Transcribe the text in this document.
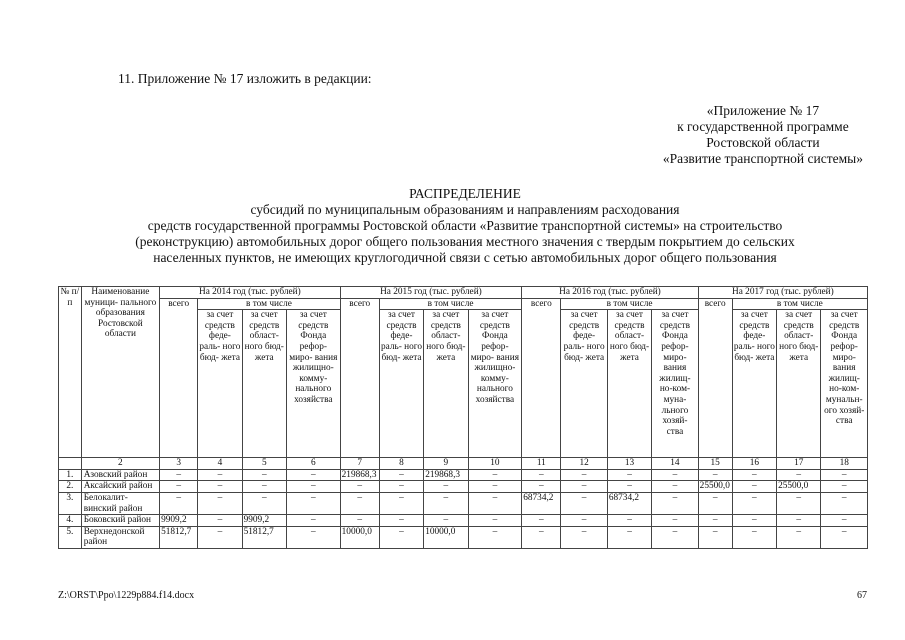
11. Приложение № 17 изложить в редакции:
«Приложение № 17
к государственной программе
Ростовской области
«Развитие транспортной системы»
РАСПРЕДЕЛЕНИЕ
субсидий по муниципальным образованиям и направлениям расходования
средств государственной программы Ростовской области «Развитие транспортной системы» на строительство
(реконструкцию) автомобильных дорог общего пользования местного значения с твердым покрытием до сельских
населенных пунктов, не имеющих круглогодичной связи с сетью автомобильных дорог общего пользования
№ п/п	Наименование муници- пального образования Ростовской области	На 2014 год (тыс. рублей)				На 2015 год (тыс. рублей)				На 2016 год (тыс. рублей)				На 2017 год (тыс. рублей)			
		всего	в том числе			всего	в том числе			всего	в том числе			всего	в том числе		
			за счет средств феде- раль- ного бюд- жета	за счет средств област- ного бюд- жета	за счет средств Фонда рефор- миро- вания жилищно- комму- нального хозяйства		за счет средств феде- раль- ного бюд- жета	за счет средств област- ного бюд- жета	за счет средств Фонда рефор- миро- вания жилищно- комму- нального хозяйства		за счет средств феде- раль- ного бюд- жета	за счет средств област- ного бюд- жета	за счет средств Фонда рефор- миро- вания жилищ- но-ком- муна- льного хозяй- ства		за счет средств феде- раль- ного бюд- жета	за счет средств област- ного бюд- жета	за счет средств Фонда рефор- миро- вания жилищ- но-ком- мунальн- ого хозяй- ства
	2	3	4	5	6	7	8	9	10	11	12	13	14	15	16	17	18
1.	Азовский район	–	–	–	–	219868,3	–	219868,3	–	–	–	–	–	–	–	–	–
2.	Аксайский район	–	–	–	–	–	–	–	–	–	–	–	–	25500,0	–	25500,0	–
3.	Белокалит- винский район	–	–	–	–	–	–	–	–	68734,2	–	68734,2	–	–	–	–	–
4.	Боковский район	9909,2	–	9909,2	–	–	–	–	–	–	–	–	–	–	–	–	–
5.	Верхнедонской район	51812,7	–	51812,7	–	10000,0	–	10000,0	–	–	–	–	–	–	–	–	–
Z:\ORST\Ppo\1229p884.f14.docx	67
